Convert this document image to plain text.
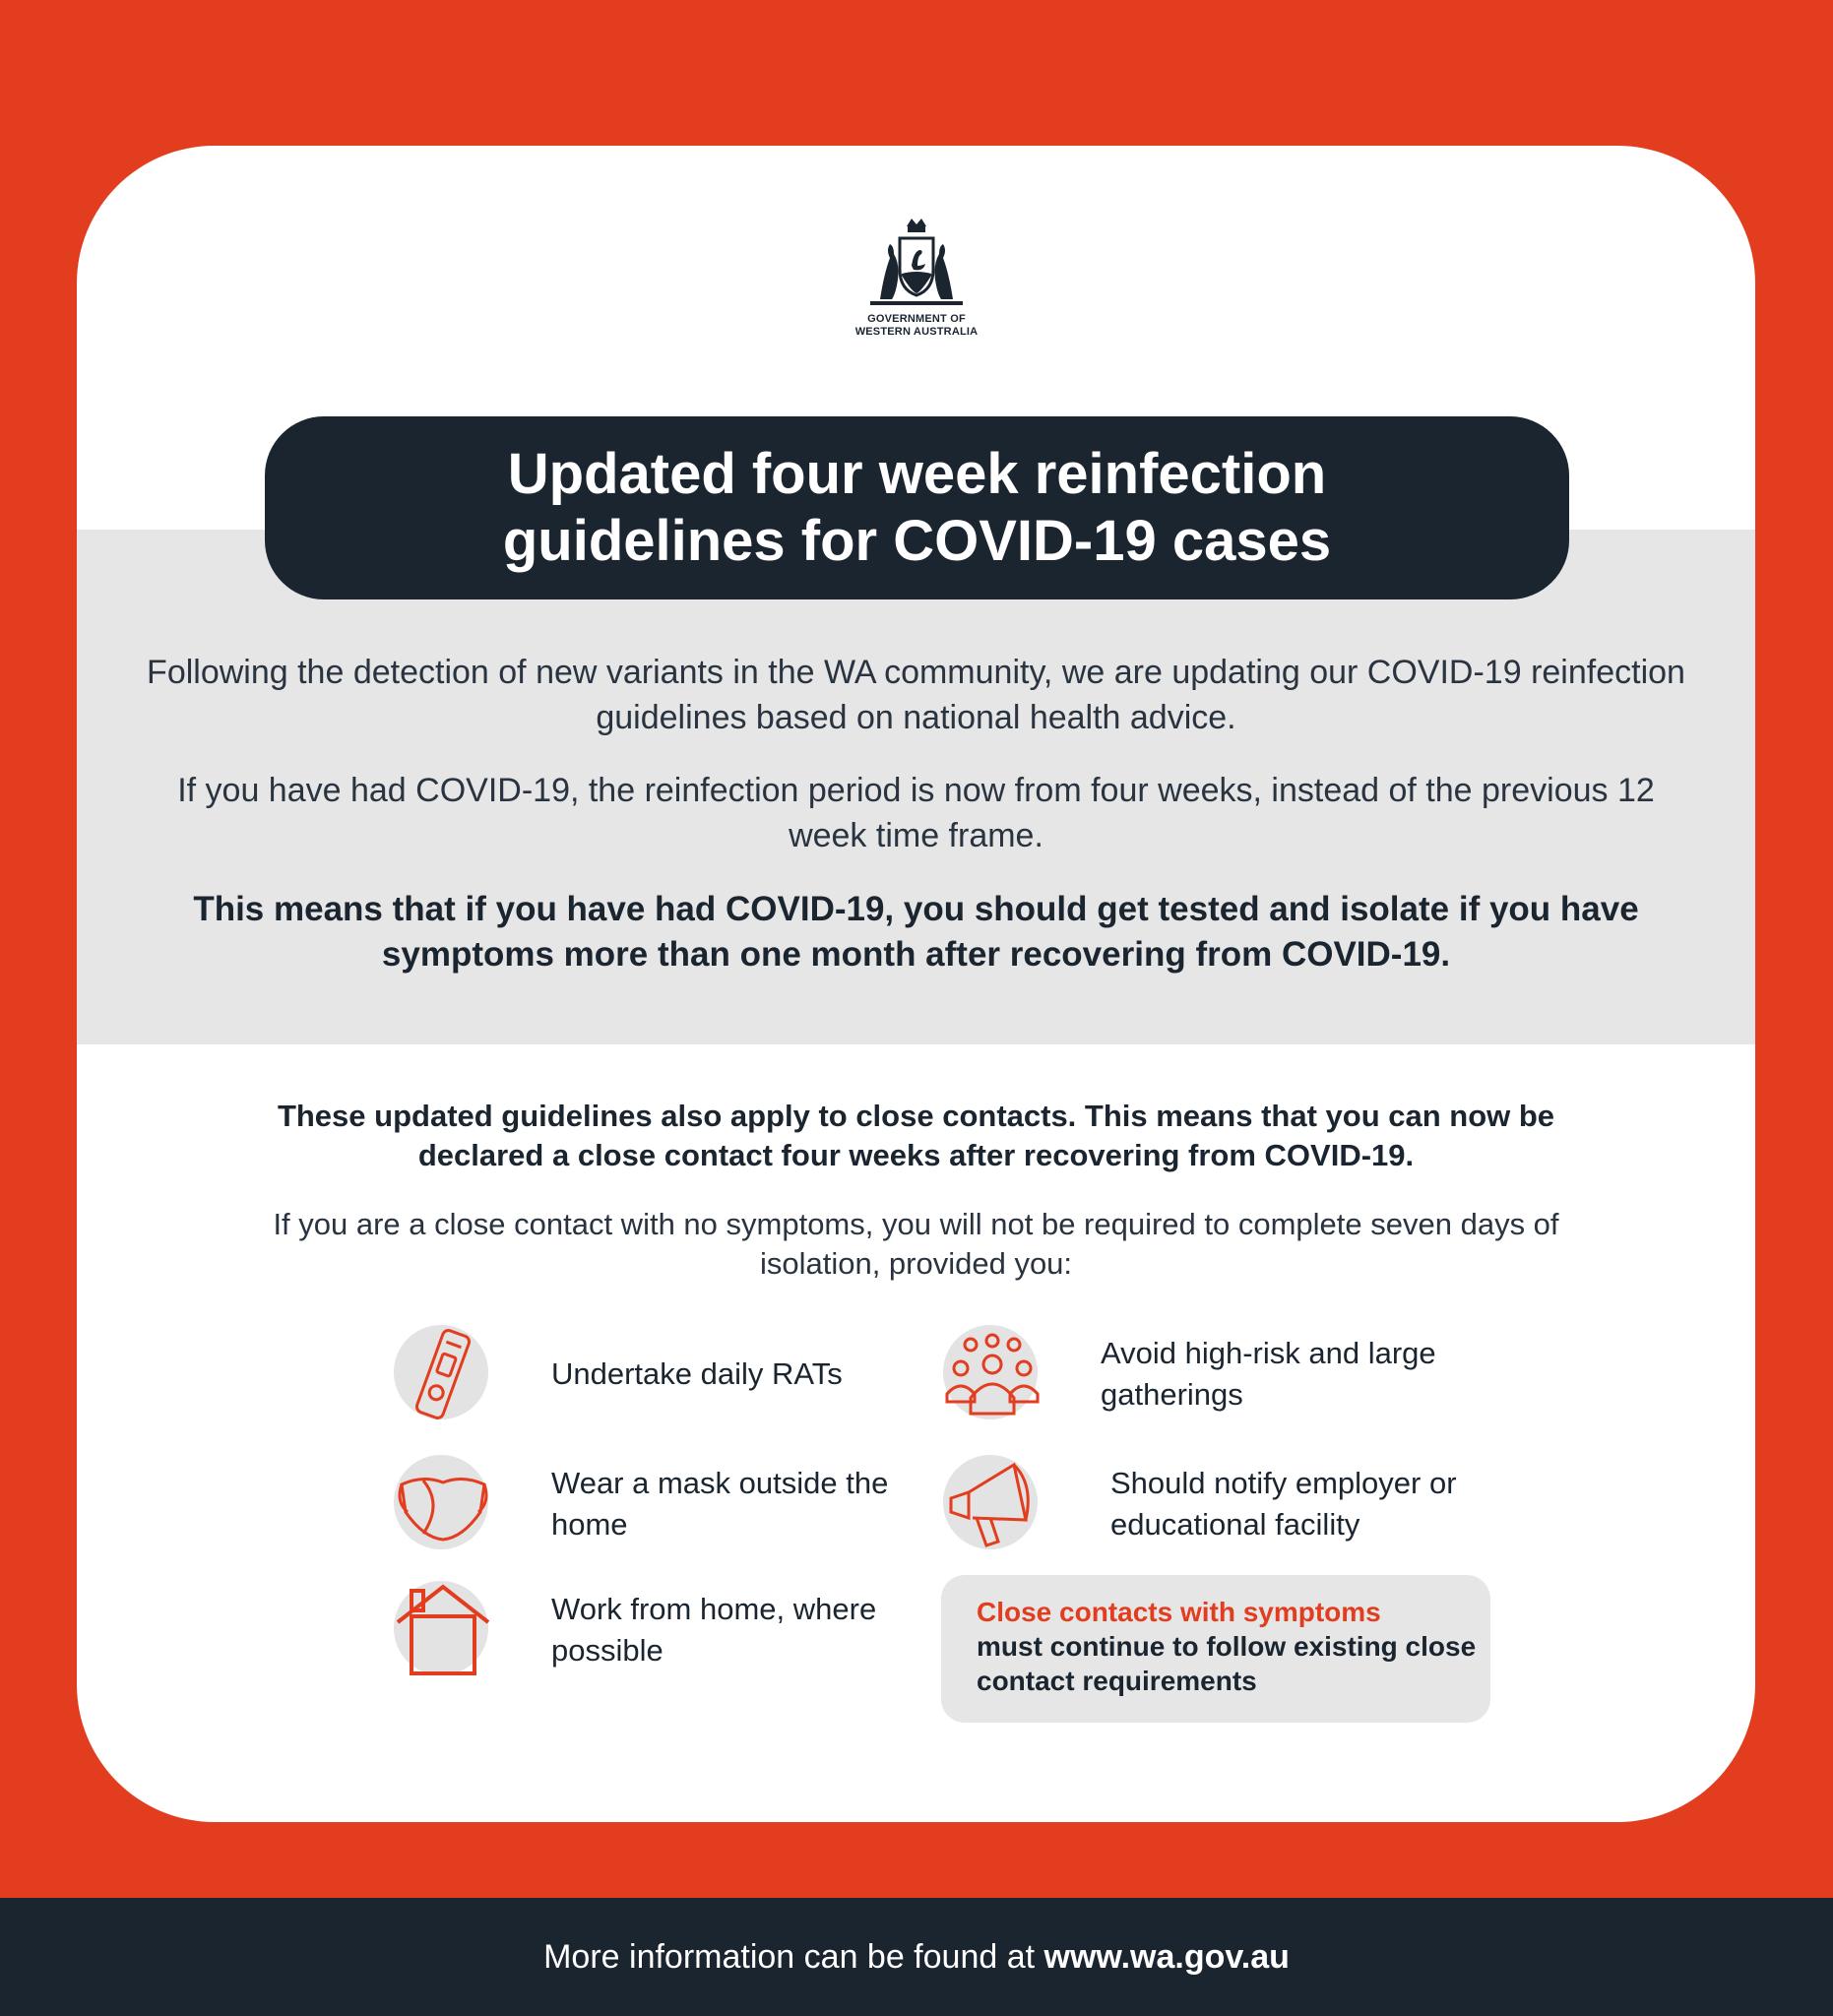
GOVERNMENT OF
WESTERN AUSTRALIA
Updated four week reinfection
guidelines for COVID-19 cases
Following the detection of new variants in the WA community, we are updating our COVID-19 reinfection guidelines based on national health advice.
If you have had COVID-19, the reinfection period is now from four weeks, instead of the previous 12 week time frame.
This means that if you have had COVID-19, you should get tested and isolate if you have symptoms more than one month after recovering from COVID-19.
These updated guidelines also apply to close contacts. This means that you can now be declared a close contact four weeks after recovering from COVID-19.
If you are a close contact with no symptoms, you will not be required to complete seven days of isolation, provided you:
Undertake daily RATs
Wear a mask outside the home
Work from home, where possible
Avoid high-risk and large gatherings
Should notify employer or educational facility
Close contacts with symptoms
must continue to follow existing close contact requirements
More information can be found at www.wa.gov.au
